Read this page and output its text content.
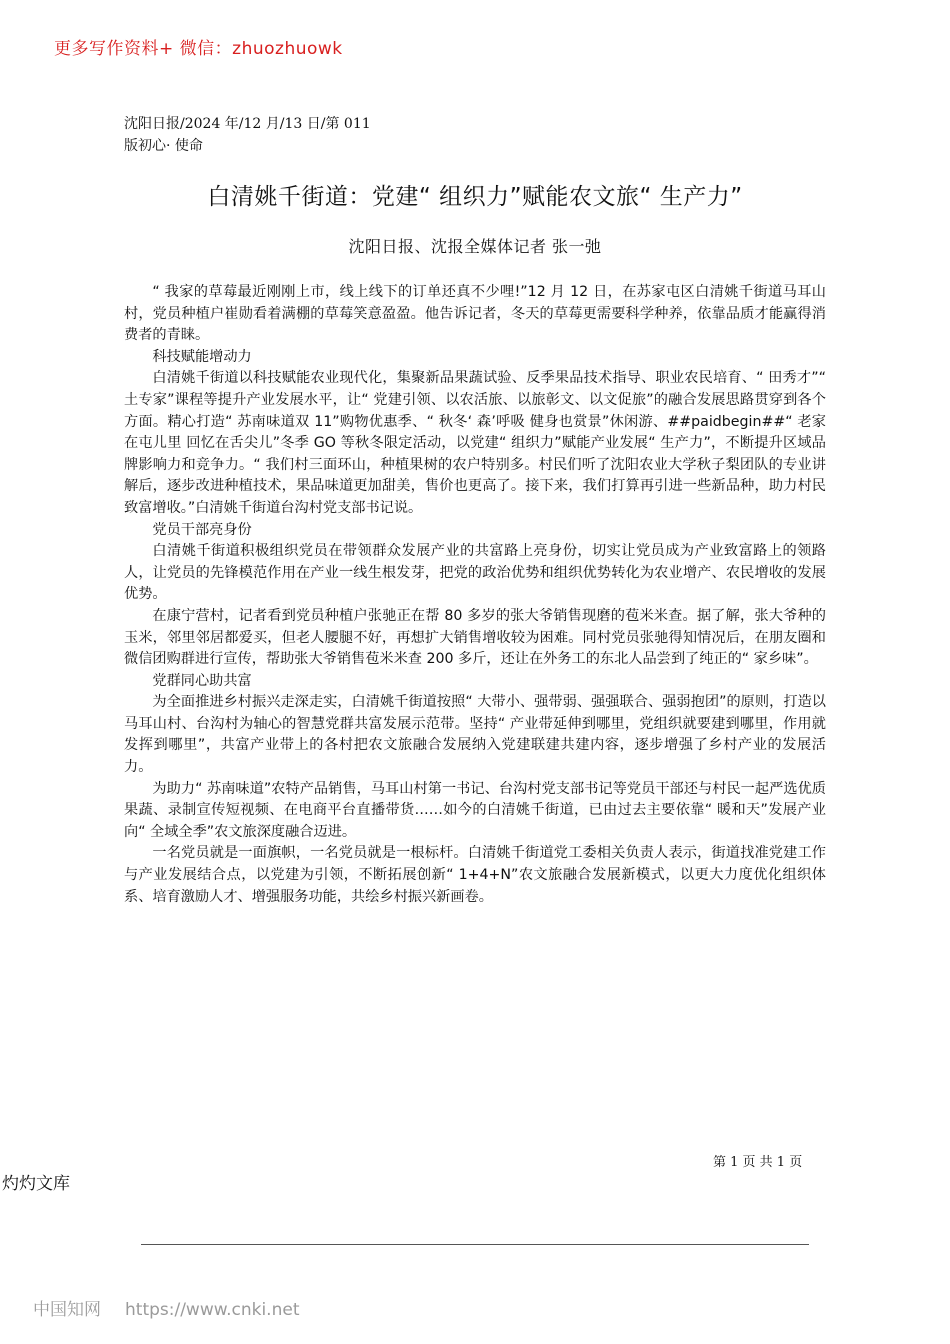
更多写作资料+ 微信：zhuozhuowk
沈阳日报/2024 年/12 月/13 日/第 011
版初心· 使命
白清姚千街道：党建“ 组织力”赋能农文旅“ 生产力”
沈阳日报、沈报全媒体记者 张一弛

“ 我家的草莓最近刚刚上市，线上线下的订单还真不少哩!”12 月 12 日，在苏家屯区白清姚千街道马耳山村，党员种植户崔勋看着满棚的草莓笑意盈盈。他告诉记者，冬天的草莓更需要科学种养，依靠品质才能赢得消费者的青睐。

科技赋能增动力

白清姚千街道以科技赋能农业现代化，集聚新品果蔬试验、反季果品技术指导、职业农民培育、“ 田秀才”“ 土专家”课程等提升产业发展水平，让“ 党建引领、以农活旅、以旅彰文、以文促旅”的融合发展思路贯穿到各个方面。精心打造“ 苏南味道双 11”购物优惠季、“ 秋冬‘ 森’呼吸 健身也赏景”休闲游、##paidbegin##“ 老家在屯儿里 回忆在舌尖儿”冬季 GO 等秋冬限定活动，以党建“ 组织力”赋能产业发展“ 生产力”，不断提升区域品牌影响力和竞争力。“ 我们村三面环山，种植果树的农户特别多。村民们听了沈阳农业大学秋子梨团队的专业讲解后，逐步改进种植技术，果品味道更加甜美，售价也更高了。接下来，我们打算再引进一些新品种，助力村民致富增收。”白清姚千街道台沟村党支部书记说。

党员干部亮身份

白清姚千街道积极组织党员在带领群众发展产业的共富路上亮身份，切实让党员成为产业致富路上的领路人，让党员的先锋模范作用在产业一线生根发芽，把党的政治优势和组织优势转化为农业增产、农民增收的发展优势。

在康宁营村，记者看到党员种植户张驰正在帮 80 多岁的张大爷销售现磨的苞米米查。据了解，张大爷种的玉米，邻里邻居都爱买，但老人腰腿不好，再想扩大销售增收较为困难。同村党员张驰得知情况后，在朋友圈和微信团购群进行宣传，帮助张大爷销售苞米米查 200 多斤，还让在外务工的东北人品尝到了纯正的“ 家乡味”。

党群同心助共富

为全面推进乡村振兴走深走实，白清姚千街道按照“ 大带小、强带弱、强强联合、强弱抱团”的原则，打造以马耳山村、台沟村为轴心的智慧党群共富发展示范带。坚持“ 产业带延伸到哪里，党组织就要建到哪里，作用就发挥到哪里”，共富产业带上的各村把农文旅融合发展纳入党建联建共建内容，逐步增强了乡村产业的发展活力。

为助力“ 苏南味道”农特产品销售，马耳山村第一书记、台沟村党支部书记等党员干部还与村民一起严选优质果蔬、录制宣传短视频、在电商平台直播带货……如今的白清姚千街道，已由过去主要依靠“ 暖和天”发展产业向“ 全域全季”农文旅深度融合迈进。

一名党员就是一面旗帜，一名党员就是一根标杆。白清姚千街道党工委相关负责人表示，街道找准党建工作与产业发展结合点，以党建为引领，不断拓展创新“ 1+4+N”农文旅融合发展新模式，以更大力度优化组织体系、培育激励人才、增强服务功能，共绘乡村振兴新画卷。

第 1 页 共 1 页
灼灼文库
中国知网 https://www.cnki.net
